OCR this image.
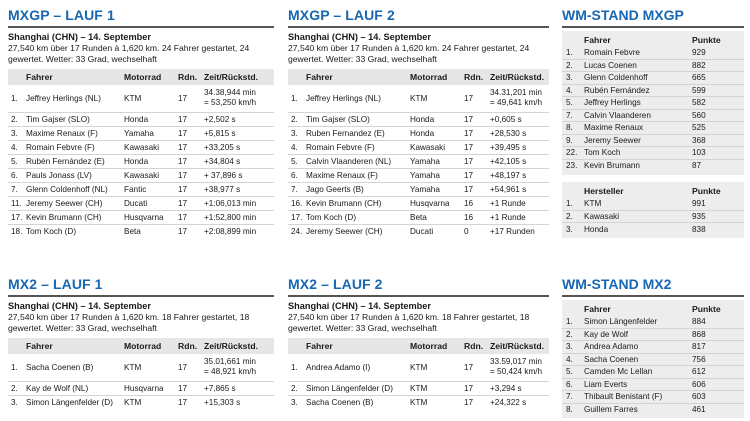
MXGP – LAUF 1
Shanghai (CHN) – 14. September
27,540 km über 17 Runden à 1,620 km. 24 Fahrer gestartet, 24 gewertet. Wetter: 33 Grad, wechselhaft
	Fahrer	Motorrad	Rdn.	Zeit/Rückstd.
1.	Jeffrey Herlings (NL)	KTM	17	34.38,944 min
= 53,250 km/h

2.	Tim Gajser (SLO)	Honda	17	+2,502 s

3.	Maxime Renaux (F)	Yamaha	17	+5,815 s

4.	Romain Febvre (F)	Kawasaki	17	+33,205 s

5.	Rubén Fernández (E)	Honda	17	+34,804 s

6.	Pauls Jonass (LV)	Kawasaki	17	+ 37,896 s

7.	Glenn Coldenhoff (NL)	Fantic	17	+38,977 s

11.	Jeremy Seewer (CH)	Ducati	17	+1:06,013 min

17.	Kevin Brumann (CH)	Husqvarna	17	+1:52,800 min

18.	Tom Koch (D)	Beta	17	+2:08,899 min
MXGP – LAUF 2
Shanghai (CHN) – 14. September
27,540 km über 17 Runden à 1,620 km. 24 Fahrer gestartet, 24 gewertet. Wetter: 33 Grad, wechselhaft
	Fahrer	Motorrad	Rdn.	Zeit/Rückstd.
1.	Jeffrey Herlings (NL)	KTM	17	34.31,201 min
= 49,641 km/h

2.	Tim Gajser (SLO)	Honda	17	+0,605 s

3.	Ruben Fernandez (E)	Honda	17	+28,530 s

4.	Romain Febvre (F)	Kawasaki	17	+39,495 s

5.	Calvin Vlaanderen (NL)	Yamaha	17	+42,105 s

6.	Maxime Renaux (F)	Yamaha	17	+48,197 s

7.	Jago Geerts (B)	Yamaha	17	+54,961 s

16.	Kevin Brumann (CH)	Husqvarna	16	+1 Runde

17.	Tom Koch (D)	Beta	16	+1 Runde

24.	Jeremy Seewer (CH)	Ducati	0	+17 Runden
WM-STAND MXGP
	Fahrer	Punkte
1.	Romain Febvre	929
2.	Lucas Coenen	882
3.	Glenn Coldenhoff	665
4.	Rubén Fernández	599
5.	Jeffrey Herlings	582
7.	Calvin Vlaanderen	560
8.	Maxime Renaux	525
9.	Jeremy Seewer	368
22.	Tom Koch	103
23.	Kevin Brumann	87
	Hersteller	Punkte
1.	KTM	991
2.	Kawasaki	935
3.	Honda	838
MX2 – LAUF 1
Shanghai (CHN) – 14. September
27,540 km über 17 Runden à 1,620 km. 18 Fahrer gestartet, 18 gewertet. Wetter: 33 Grad, wechselhaft
	Fahrer	Motorrad	Rdn.	Zeit/Rückstd.
1.	Sacha Coenen (B)	KTM	17	35.01,661 min
= 48,921 km/h

2.	Kay de Wolf (NL)	Husqvarna	17	+7,865 s

3.	Simon Längenfelder (D)	KTM	17	+15,303 s
MX2 – LAUF 2
Shanghai (CHN) – 14. September
27,540 km über 17 Runden à 1,620 km. 18 Fahrer gestartet, 18 gewertet. Wetter: 33 Grad, wechselhaft
	Fahrer	Motorrad	Rdn.	Zeit/Rückstd.
1.	Andrea Adamo (I)	KTM	17	33.59,017 min
= 50,424 km/h

2.	Simon Längenfelder (D)	KTM	17	+3,294 s

3.	Sacha Coenen (B)	KTM	17	+24,322 s
WM-STAND MX2
	Fahrer	Punkte
1.	Simon Längenfelder	884
2.	Kay de Wolf	868
3.	Andrea Adamo	817
4.	Sacha Coenen	756
5.	Camden Mc Lellan	612
6.	Liam Everts	606
7.	Thibault Benistant (F)	603
8.	Guillem Farres	461
